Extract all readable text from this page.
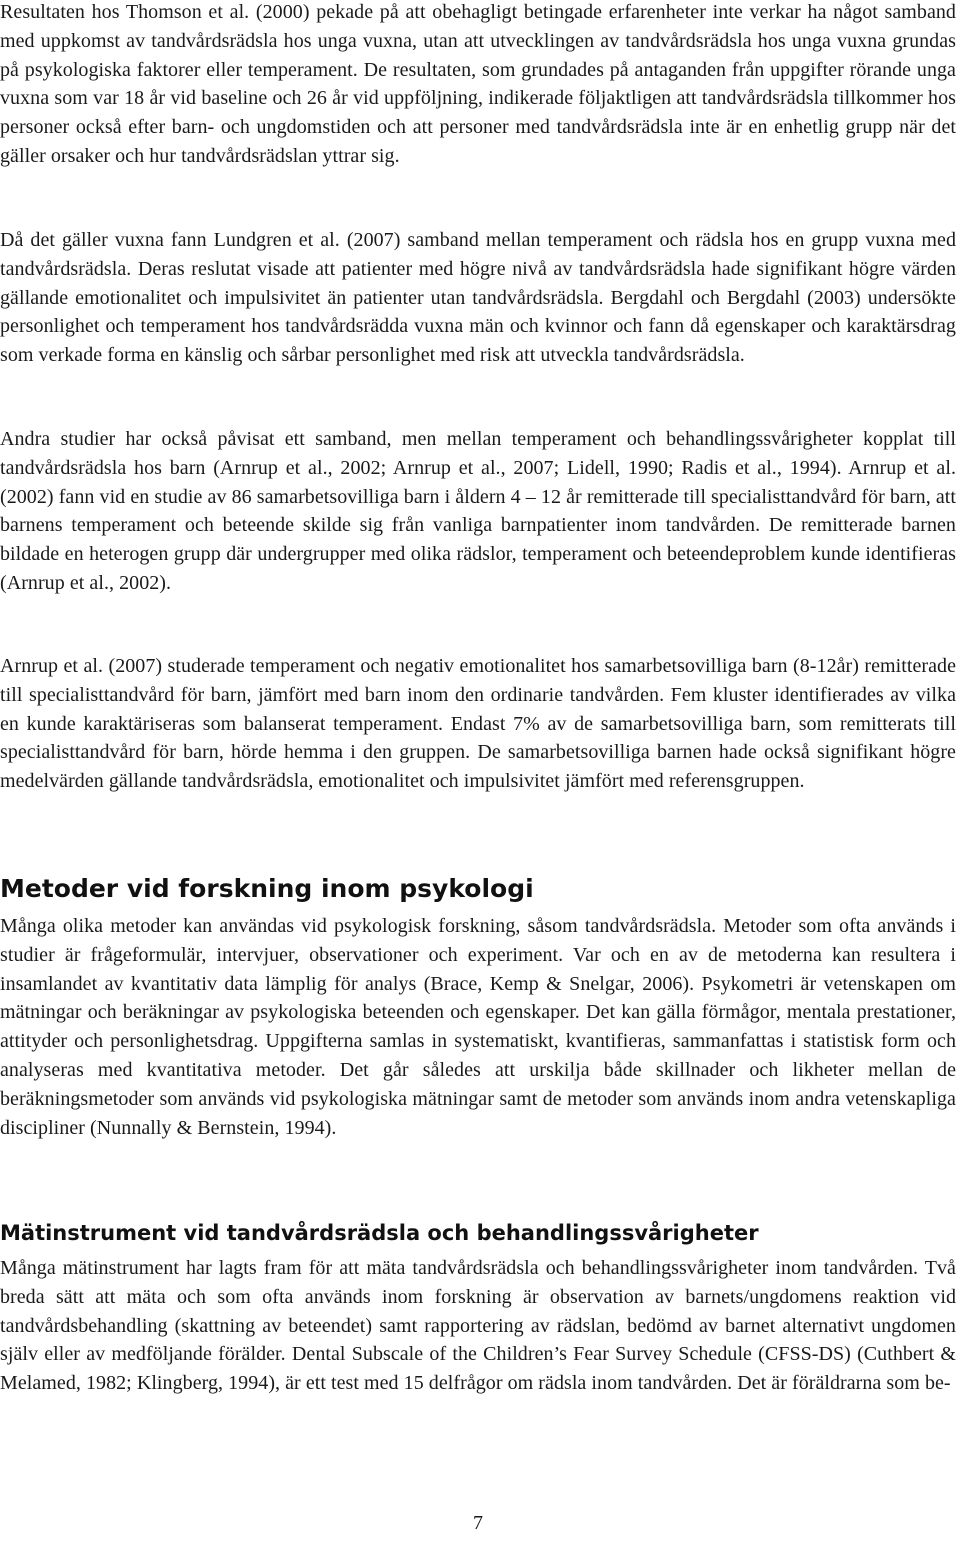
Resultaten hos Thomson et al. (2000) pekade på att obehagligt betingade erfarenheter inte verkar ha något samband med uppkomst av tandvårdsrädsla hos unga vuxna, utan att utvecklingen av tandvårdsrädsla hos unga vuxna grundas på psykologiska faktorer eller temperament. De resultaten, som grundades på antaganden från uppgifter rörande unga vuxna som var 18 år vid baseline och 26 år vid uppföljning, indikerade följaktligen att tandvårdsrädsla tillkommer hos personer också efter barn- och ungdomstiden och att personer med tandvårdsrädsla inte är en enhetlig grupp när det gäller orsaker och hur tandvårdsrädslan yttrar sig.

Då det gäller vuxna fann Lundgren et al. (2007) samband mellan temperament och rädsla hos en grupp vuxna med tandvårdsrädsla. Deras reslutat visade att patienter med högre nivå av tandvårdsrädsla hade signifikant högre värden gällande emotionalitet och impulsivitet än patienter utan tandvårdsrädsla. Bergdahl och Bergdahl (2003) undersökte personlighet och temperament hos tandvårdsrädda vuxna män och kvinnor och fann då egenskaper och karaktärsdrag som verkade forma en känslig och sårbar personlighet med risk att utveckla tandvårdsrädsla.

Andra studier har också påvisat ett samband, men mellan temperament och behandlingssvårigheter kopplat till tandvårdsrädsla hos barn (Arnrup et al., 2002; Arnrup et al., 2007; Lidell, 1990; Radis et al., 1994). Arnrup et al. (2002) fann vid en studie av 86 samarbetsovilliga barn i åldern 4 – 12 år remitterade till specialisttandvård för barn, att barnens temperament och beteende skilde sig från vanliga barnpatienter inom tandvården. De remitterade barnen bildade en heterogen grupp där undergrupper med olika rädslor, temperament och beteendeproblem kunde identifieras (Arnrup et al., 2002).

Arnrup et al. (2007) studerade temperament och negativ emotionalitet hos samarbetsovilliga barn (8-12år) remitterade till specialisttandvård för barn, jämfört med barn inom den ordinarie tandvården. Fem kluster identifierades av vilka en kunde karaktäriseras som balanserat temperament. Endast 7% av de samarbetsovilliga barn, som remitterats till specialisttandvård för barn, hörde hemma i den gruppen. De samarbetsovilliga barnen hade också signifikant högre medelvärden gällande tandvårdsrädsla, emotionalitet och impulsivitet jämfört med referensgruppen.

Metoder vid forskning inom psykologi

Många olika metoder kan användas vid psykologisk forskning, såsom tandvårdsrädsla. Metoder som ofta används i studier är frågeformulär, intervjuer, observationer och experiment. Var och en av de metoderna kan resultera i insamlandet av kvantitativ data lämplig för analys (Brace, Kemp & Snelgar, 2006). Psykometri är vetenskapen om mätningar och beräkningar av psykologiska beteenden och egenskaper. Det kan gälla förmågor, mentala prestationer, attityder och personlighetsdrag. Uppgifterna samlas in systematiskt, kvantifieras, sammanfattas i statistisk form och analyseras med kvantitativa metoder. Det går således att urskilja både skillnader och likheter mellan de beräkningsmetoder som används vid psykologiska mätningar samt de metoder som används inom andra vetenskapliga discipliner (Nunnally & Bernstein, 1994).

Mätinstrument vid tandvårdsrädsla och behandlingssvårigheter

Många mätinstrument har lagts fram för att mäta tandvårdsrädsla och behandlingssvårigheter inom tandvården. Två breda sätt att mäta och som ofta används inom forskning är observation av barnets/ungdomens reaktion vid tandvårdsbehandling (skattning av beteendet) samt rapportering av rädslan, bedömd av barnet alternativt ungdomen själv eller av medföljande förälder. Dental Subscale of the Children’s Fear Survey Schedule (CFSS-DS) (Cuthbert & Melamed, 1982; Klingberg, 1994), är ett test med 15 delfrågor om rädsla inom tandvården. Det är föräldrarna som be-

7
